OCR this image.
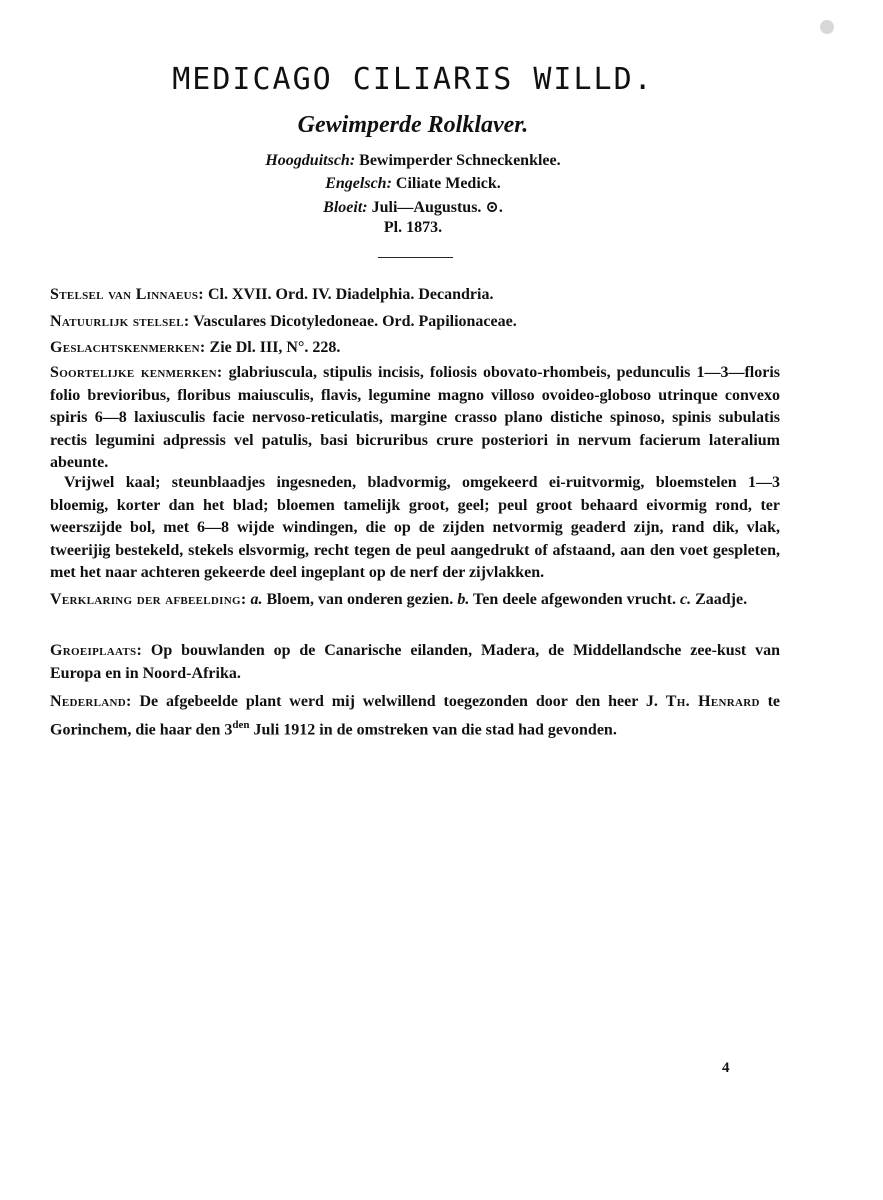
MEDICAGO CILIARIS WILLD.
Gewimperde Rolklaver.
Hoogduitsch: Bewimperder Schneckenklee.
Engelsch: Ciliate Medick.
Bloeit: Juli—Augustus. ⊙.
Pl. 1873.
Stelsel van Linnaeus: Cl. XVII. Ord. IV. Diadelphia. Decandria.
Natuurlijk stelsel: Vasculares Dicotyledoneae. Ord. Papilionaceae.
Geslachtskenmerken: Zie Dl. III, N°. 228.
Soortelijke kenmerken: glabriuscula, stipulis incisis, foliosis obovato-rhombeis, pedunculis 1—3—floris folio brevioribus, floribus maiusculis, flavis, legumine magno villoso ovoideo-globoso utrinque convexo spiris 6—8 laxiusculis facie nervoso-reticulatis, margine crasso plano distiche spinoso, spinis subulatis rectis legumini adpressis vel patulis, basi bicruribus crure posteriori in nervum facierum lateralium abeunte.
Vrijwel kaal; steunblaadjes ingesneden, bladvormig, omgekeerd ei-ruitvormig, bloemstelen 1—3 bloemig, korter dan het blad; bloemen tamelijk groot, geel; peul groot behaard eivormig rond, ter weerszijde bol, met 6—8 wijde windingen, die op de zijden netvormig geaderd zijn, rand dik, vlak, tweerijig bestekeld, stekels elsvormig, recht tegen de peul aangedrukt of afstaand, aan den voet gespleten, met het naar achteren gekeerde deel ingeplant op de nerf der zijvlakken.
Verklaring der afbeelding: a. Bloem, van onderen gezien. b. Ten deele afgewonden vrucht. c. Zaadje.
Groeiplaats: Op bouwlanden op de Canarische eilanden, Madera, de Middellandsche zee-kust van Europa en in Noord-Afrika.
Nederland: De afgebeelde plant werd mij welwillend toegezonden door den heer J. Th. Henrard te Gorinchem, die haar den $3^{den}$ Juli 1912 in de omstreken van die stad had gevonden.
4
